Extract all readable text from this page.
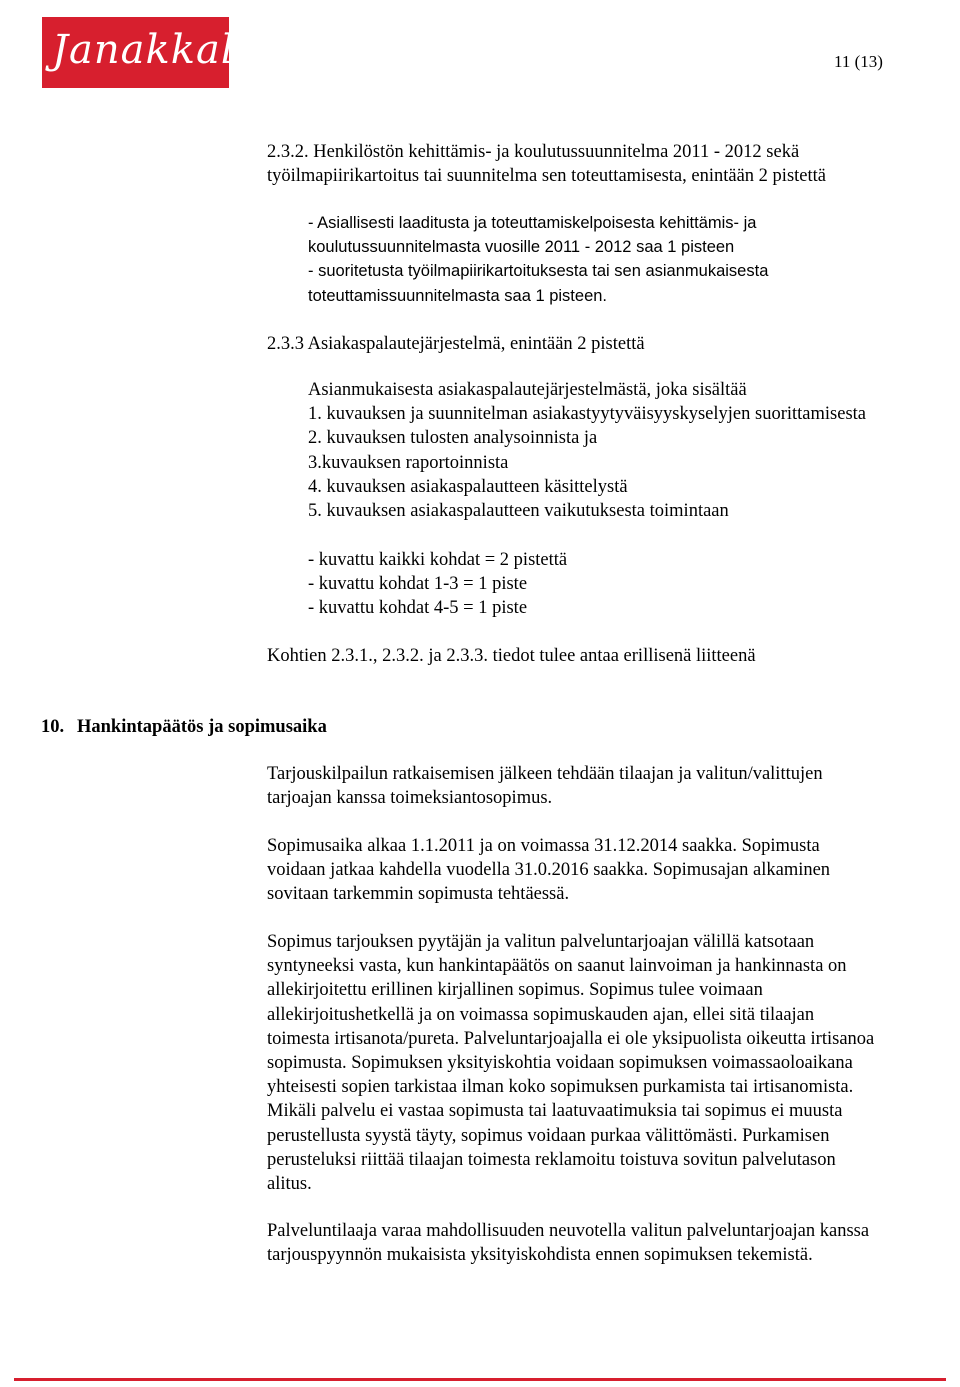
Janakkala	11 (13)
2.3.2. Henkilöstön kehittämis- ja koulutussuunnitelma 2011 - 2012 sekä
työilmapiirikartoitus tai suunnitelma sen toteuttamisesta, enintään 2 pistettä
- Asiallisesti laaditusta ja toteuttamiskelpoisesta kehittämis- ja
koulutussuunnitelmasta vuosille 2011 - 2012 saa 1 pisteen
- suoritetusta työilmapiirikartoituksesta tai sen asianmukaisesta
toteuttamissuunnitelmasta saa 1 pisteen.
2.3.3 Asiakaspalautejärjestelmä, enintään 2 pistettä
Asianmukaisesta asiakaspalautejärjestelmästä, joka sisältää
1. kuvauksen ja suunnitelman asiakastyytyväisyyskyselyjen suorittamisesta
2. kuvauksen tulosten analysoinnista ja
3.kuvauksen raportoinnista
4. kuvauksen asiakaspalautteen käsittelystä
5. kuvauksen asiakaspalautteen vaikutuksesta toimintaan
- kuvattu kaikki kohdat = 2 pistettä
- kuvattu kohdat 1-3 = 1 piste
- kuvattu kohdat 4-5 = 1 piste
Kohtien 2.3.1., 2.3.2. ja 2.3.3. tiedot tulee antaa erillisenä liitteenä
10. Hankintapäätös ja sopimusaika
Tarjouskilpailun ratkaisemisen jälkeen tehdään tilaajan ja valitun/valittujen
tarjoajan kanssa toimeksiantosopimus.
Sopimusaika alkaa 1.1.2011 ja on voimassa 31.12.2014 saakka. Sopimusta
voidaan jatkaa kahdella vuodella 31.0.2016 saakka. Sopimusajan alkaminen
sovitaan tarkemmin sopimusta tehtäessä.
Sopimus tarjouksen pyytäjän ja valitun palveluntarjoajan välillä katsotaan
syntyneeksi vasta, kun hankintapäätös on saanut lainvoiman ja hankinnasta on
allekirjoitettu erillinen kirjallinen sopimus. Sopimus tulee voimaan
allekirjoitushetkellä ja on voimassa sopimuskauden ajan, ellei sitä tilaajan
toimesta irtisanota/pureta. Palveluntarjoajalla ei ole yksipuolista oikeutta irtisanoa
sopimusta. Sopimuksen yksityiskohtia voidaan sopimuksen voimassaoloaikana
yhteisesti sopien tarkistaa ilman koko sopimuksen purkamista tai irtisanomista.
Mikäli palvelu ei vastaa sopimusta tai laatuvaatimuksia tai sopimus ei muusta
perustellusta syystä täyty, sopimus voidaan purkaa välittömästi. Purkamisen
perusteluksi riittää tilaajan toimesta reklamoitu toistuva sovitun palvelutason
alitus.
Palveluntilaaja varaa mahdollisuuden neuvotella valitun palveluntarjoajan kanssa
tarjouspyynnön mukaisista yksityiskohdista ennen sopimuksen tekemistä.
